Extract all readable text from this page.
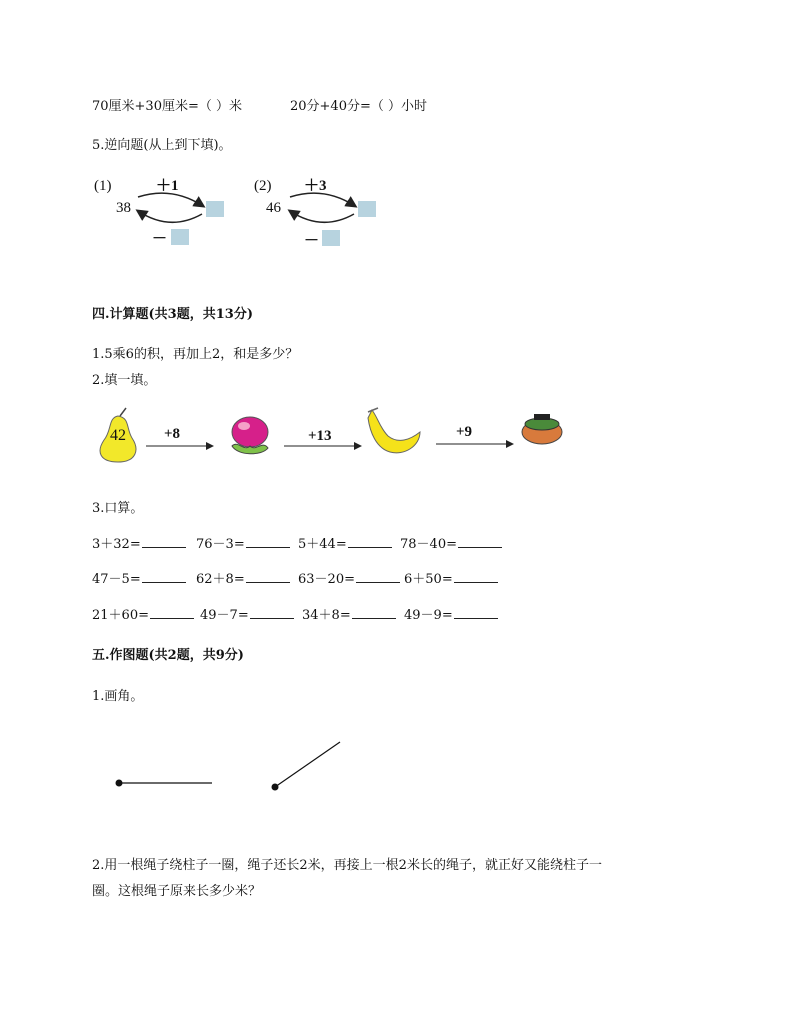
70厘米+30厘米=（ ）米	20分+40分=（ ）小时
5.逆向题(从上到下填)。
(1)	＋1
38
－
(2) ＋3
46
－
四.计算题(共3题，共13分)
1.5乘6的积，再加上2，和是多少？
2.填一填。
42	+8	+13	+9
3.口算。
3＋32=	76－3=	5＋44=	78－40=
47－5=	62＋8=	63－20=	6＋50=
21＋60=	49－7=	34＋8=	49－9=
五.作图题(共2题，共9分)
1.画角。
2.用一根绳子绕柱子一圈，绳子还长2米，再接上一根2米长的绳子，就正好又能绕柱子一
圈。这根绳子原来长多少米？
